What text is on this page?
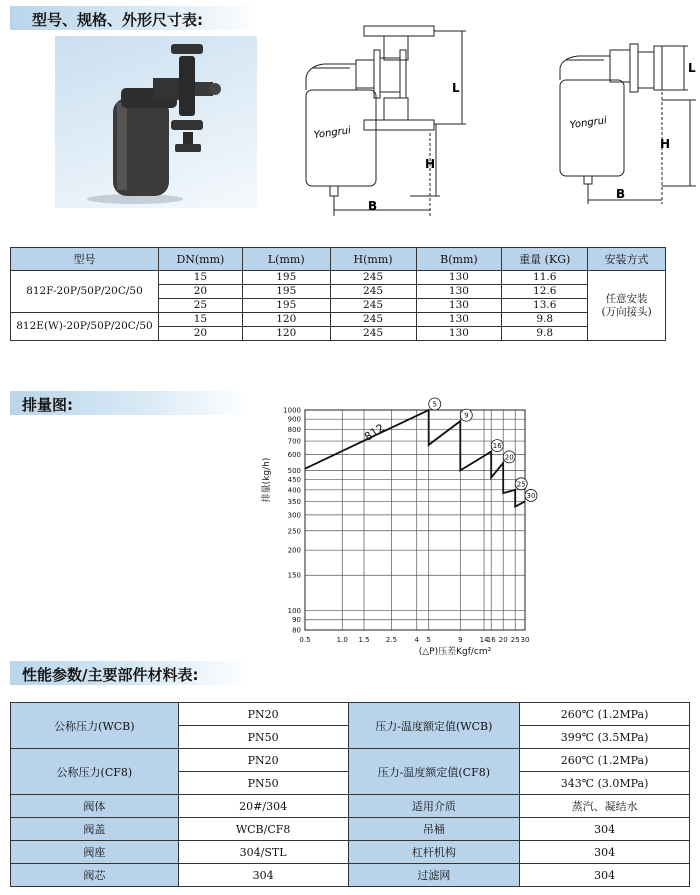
型号、规格、外形尺寸表:
L
H
B
Yongrui
L
H
B
Yongrui
型号	DN(mm)	L(mm)	H(mm)	B(mm)	重量 (KG)	安装方式
812F-20P/50P/20C/50	15	195	245	130	11.6	任意安装
(万向接头)

	20	195	245	130	12.6	
	25	195	245	130	13.6	
812E(W)-20P/50P/20C/50	15	120	245	130	9.8	
	20	120	245	130	9.8	
排量图:
0.5	1.0 1.5 2.5 4 5	9 14
16 20 25 30
1000
900
800
700
600
500
450
400
350
300
250
200
150
100
90
80
812
5
9
16
20
25
30
排量(kg/h)
(△P)压差Kgf/cm²
性能参数/主要部件材料表:
公称压力(WCB)	PN20	压力-温度额定值(WCB)	260℃ (1.2MPa)
	PN50		399℃ (3.5MPa)
公称压力(CF8)	PN20	压力-温度额定值(CF8)	260℃ (1.2MPa)
	PN50		343℃ (3.0MPa)
阀体	20#/304	适用介质	蒸汽、凝结水
阀盖	WCB/CF8	吊桶	304
阀座	304/STL	杠杆机构	304
阀芯	304	过滤网	304
